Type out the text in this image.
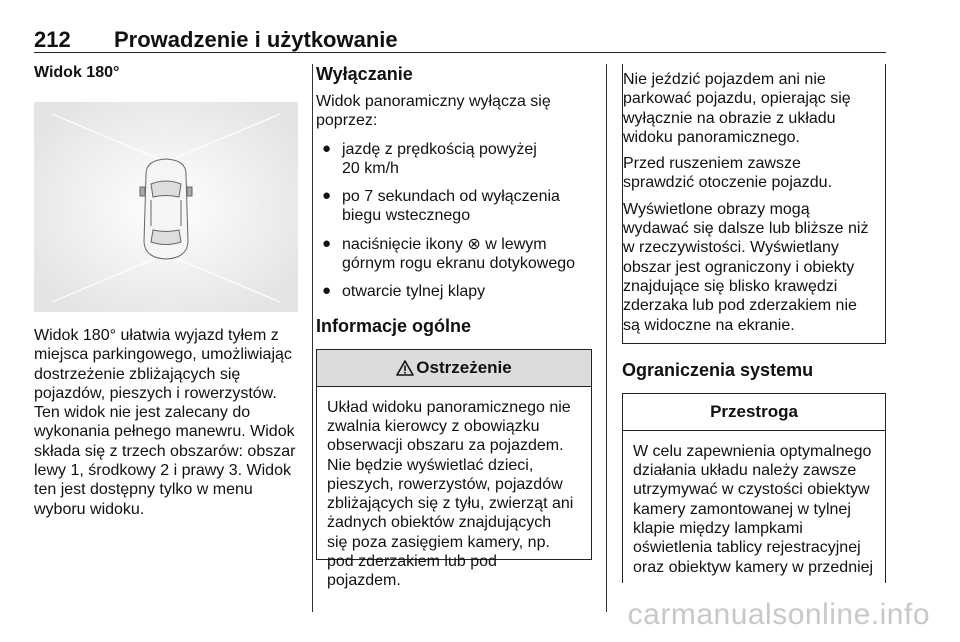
212 Prowadzenie i użytkowanie

Widok 180°

Widok 180° ułatwia wyjazd tyłem z

miejsca parkingowego, umożliwiając

dostrzeżenie zbliżających się

pojazdów, pieszych i rowerzystów.

Ten widok nie jest zalecany do

wykonania pełnego manewru. Widok

składa się z trzech obszarów: obszar

lewy 1, środkowy 2 i prawy 3. Widok

ten jest dostępny tylko w menu

wyboru widoku.

Wyłączanie

Widok panoramiczny wyłącza się

poprzez:

● jazdę z prędkością powyżej
20 km/h
● po 7 sekundach od wyłączenia
biegu wstecznego
● naciśnięcie ikony ⊗ w lewym
górnym rogu ekranu dotykowego
● otwarcie tylnej klapy

Informacje ogólne

Ostrzeżenie

Układ widoku panoramicznego nie

zwalnia kierowcy z obowiązku

obserwacji obszaru za pojazdem.

Nie będzie wyświetlać dzieci,

pieszych, rowerzystów, pojazdów

zbliżających się z tyłu, zwierząt ani

żadnych obiektów znajdujących

się poza zasięgiem kamery, np.

pod zderzakiem lub pod

pojazdem.

Nie jeździć pojazdem ani nie

parkować pojazdu, opierając się

wyłącznie na obrazie z układu

widoku panoramicznego.

Przed ruszeniem zawsze

sprawdzić otoczenie pojazdu.

Wyświetlone obrazy mogą

wydawać się dalsze lub bliższe niż

w rzeczywistości. Wyświetlany

obszar jest ograniczony i obiekty

znajdujące się blisko krawędzi

zderzaka lub pod zderzakiem nie

są widoczne na ekranie.

Ograniczenia systemu

Przestroga

W celu zapewnienia optymalnego

działania układu należy zawsze

utrzymywać w czystości obiektyw

kamery zamontowanej w tylnej

klapie między lampkami

oświetlenia tablicy rejestracyjnej

oraz obiektyw kamery w przedniej

carmanualsonline.info
